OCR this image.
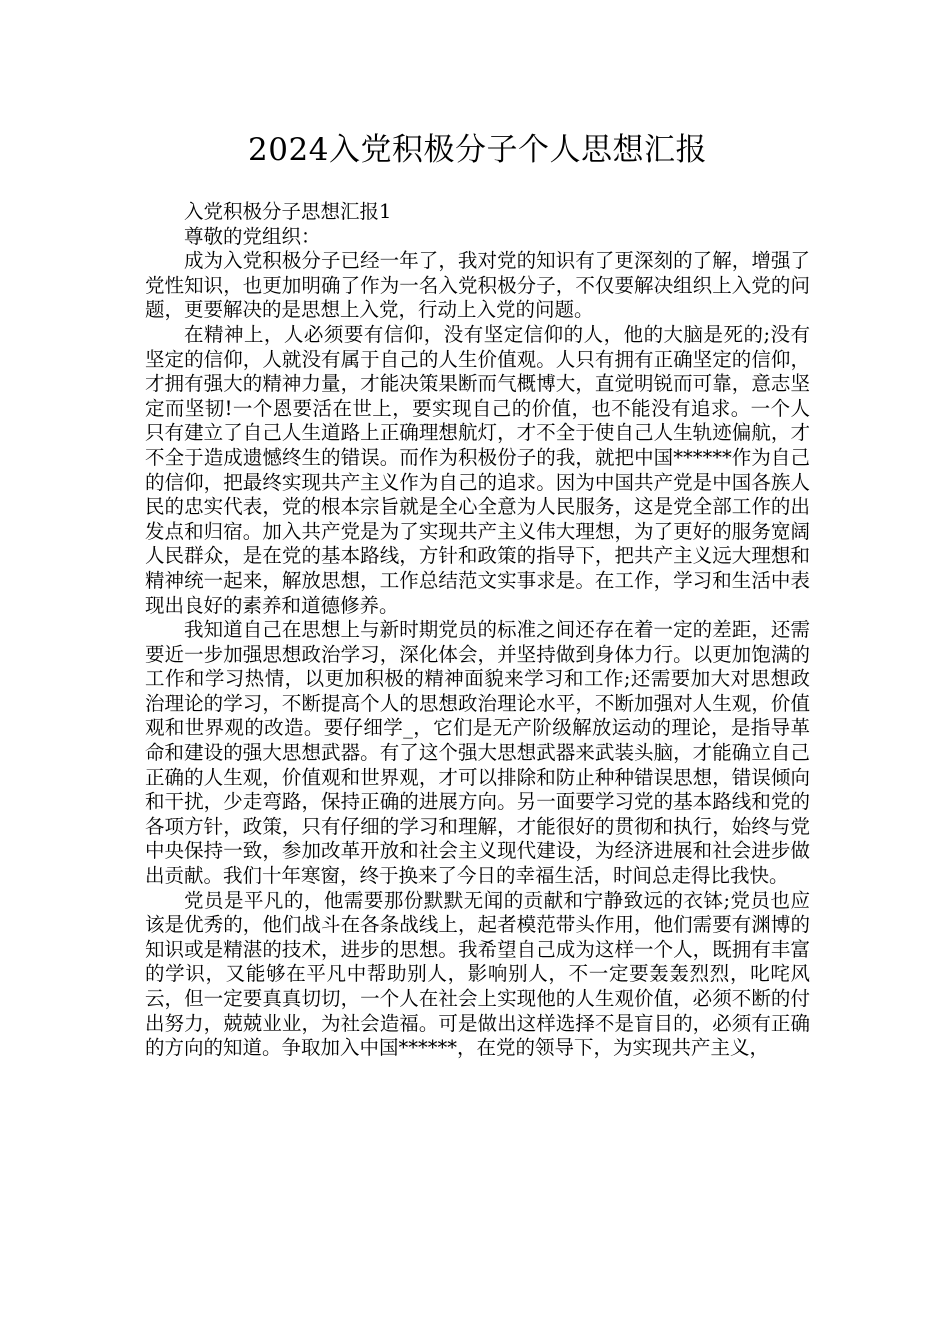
2024入党积极分子个人思想汇报

入党积极分子思想汇报1

尊敬的党组织：

成为入党积极分子已经一年了，我对党的知识有了更深刻的了解，增强了党性知识，也更加明确了作为一名入党积极分子，不仅要解决组织上入党的问题，更要解决的是思想上入党，行动上入党的问题。

在精神上，人必须要有信仰，没有坚定信仰的人，他的大脑是死的;没有坚定的信仰，人就没有属于自己的人生价值观。人只有拥有正确坚定的信仰，才拥有强大的精神力量，才能决策果断而气概博大，直觉明锐而可靠，意志坚定而坚韧!一个恩要活在世上，要实现自己的价值，也不能没有追求。一个人只有建立了自己人生道路上正确理想航灯，才不全于使自己人生轨迹偏航，才不全于造成遗憾终生的错误。而作为积极份子的我，就把中国******作为自己的信仰，把最终实现共产主义作为自己的追求。因为中国共产党是中国各族人民的忠实代表，党的根本宗旨就是全心全意为人民服务，这是党全部工作的出发点和归宿。加入共产党是为了实现共产主义伟大理想，为了更好的服务宽阔人民群众，是在党的基本路线，方针和政策的指导下，把共产主义远大理想和精神统一起来，解放思想，工作总结范文实事求是。在工作，学习和生活中表现出良好的素养和道德修养。

我知道自己在思想上与新时期党员的标准之间还存在着一定的差距，还需要近一步加强思想政治学习，深化体会，并坚持做到身体力行。以更加饱满的工作和学习热情，以更加积极的精神面貌来学习和工作;还需要加大对思想政治理论的学习，不断提高个人的思想政治理论水平，不断加强对人生观，价值观和世界观的改造。要仔细学_，它们是无产阶级解放运动的理论，是指导革命和建设的强大思想武器。有了这个强大思想武器来武装头脑，才能确立自己正确的人生观，价值观和世界观，才可以排除和防止种种错误思想，错误倾向和干扰，少走弯路，保持正确的进展方向。另一面要学习党的基本路线和党的各项方针，政策，只有仔细的学习和理解，才能很好的贯彻和执行，始终与党中央保持一致，参加改革开放和社会主义现代建设，为经济进展和社会进步做出贡献。我们十年寒窗，终于换来了今日的幸福生活，时间总走得比我快。

党员是平凡的，他需要那份默默无闻的贡献和宁静致远的衣钵;党员也应该是优秀的，他们战斗在各条战线上，起者模范带头作用，他们需要有渊博的知识或是精湛的技术，进步的思想。我希望自己成为这样一个人，既拥有丰富的学识，又能够在平凡中帮助别人，影响别人，不一定要轰轰烈烈，叱咤风云，但一定要真真切切，一个人在社会上实现他的人生观价值，必须不断的付出努力，兢兢业业，为社会造福。可是做出这样选择不是盲目的，必须有正确的方向的知道。争取加入中国******，在党的领导下，为实现共产主义，
